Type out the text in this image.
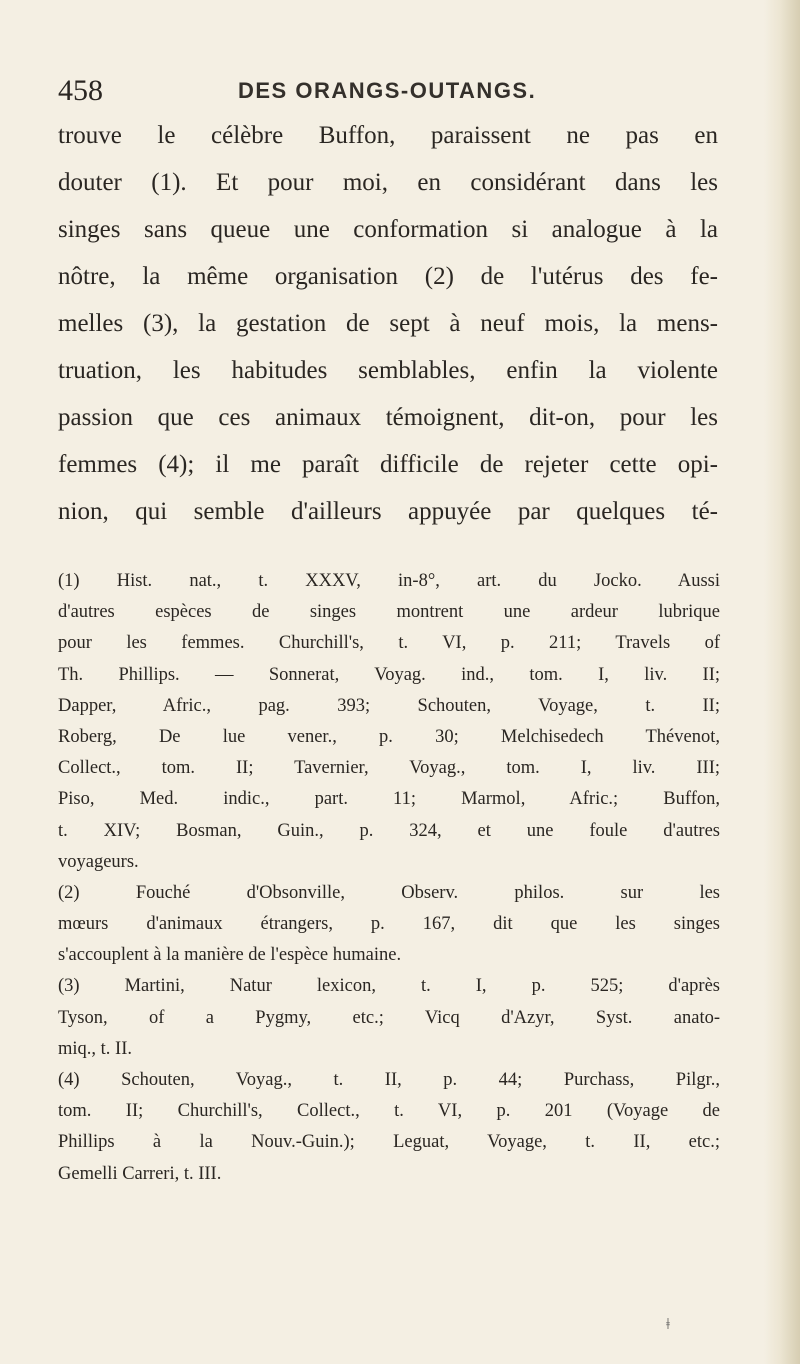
458	DES ORANGS-OUTANGS.
trouve le célèbre Buffon, paraissent ne pas en
douter (1). Et pour moi, en considérant dans les
singes sans queue une conformation si analogue à la
nôtre, la même organisation (2) de l'utérus des fe-
melles (3), la gestation de sept à neuf mois, la mens-
truation, les habitudes semblables, enfin la violente
passion que ces animaux témoignent, dit-on, pour les
femmes (4); il me paraît difficile de rejeter cette opi-
nion, qui semble d'ailleurs appuyée par quelques té-
(1) Hist. nat., t. XXXV, in-8°, art. du Jocko. Aussi
d'autres espèces de singes montrent une ardeur lubrique
pour les femmes. Churchill's, t. VI, p. 211; Travels of
Th. Phillips. — Sonnerat, Voyag. ind., tom. I, liv. II;
Dapper, Afric., pag. 393; Schouten, Voyage, t. II;
Roberg, De lue vener., p. 30; Melchisedech Thévenot,
Collect., tom. II; Tavernier, Voyag., tom. I, liv. III;
Piso, Med. indic., part. 11; Marmol, Afric.; Buffon,
t. XIV; Bosman, Guin., p. 324, et une foule d'autres
voyageurs.
(2) Fouché d'Obsonville, Observ. philos. sur les
mœurs d'animaux étrangers, p. 167, dit que les singes
s'accouplent à la manière de l'espèce humaine.
(3) Martini, Natur lexicon, t. I, p. 525; d'après
Tyson, of a Pygmy, etc.; Vicq d'Azyr, Syst. anato-
miq., t. II.
(4) Schouten, Voyag., t. II, p. 44; Purchass, Pilgr.,
tom. II; Churchill's, Collect., t. VI, p. 201 (Voyage de
Phillips à la Nouv.-Guin.); Leguat, Voyage, t. II, etc.;
Gemelli Carreri, t. III.
ǂ
